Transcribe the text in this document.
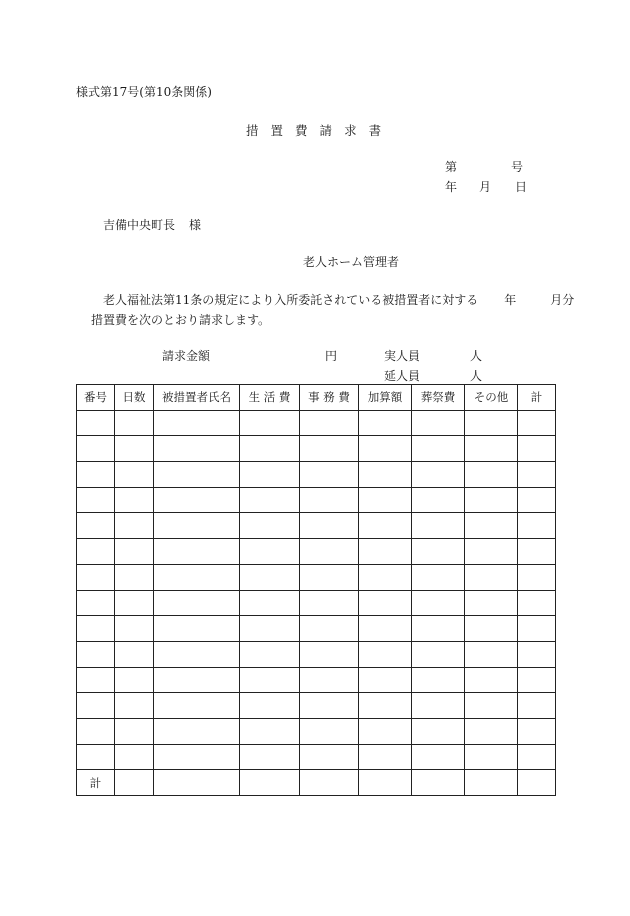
様式第17号(第10条関係)
措 置 費 請 求 書
第	号
年 月 日
吉備中央町長 様
老人ホーム管理者
老人福祉法第11条の規定により入所委託されている被措置者に対する 年	月分
措置費を次のとおり請求します。
請求金額	円	実人員	人
延人員	人
番号	日数	被措置者氏名	生 活 費	事 務 費	加算額	葬祭費	その他	計

計								
